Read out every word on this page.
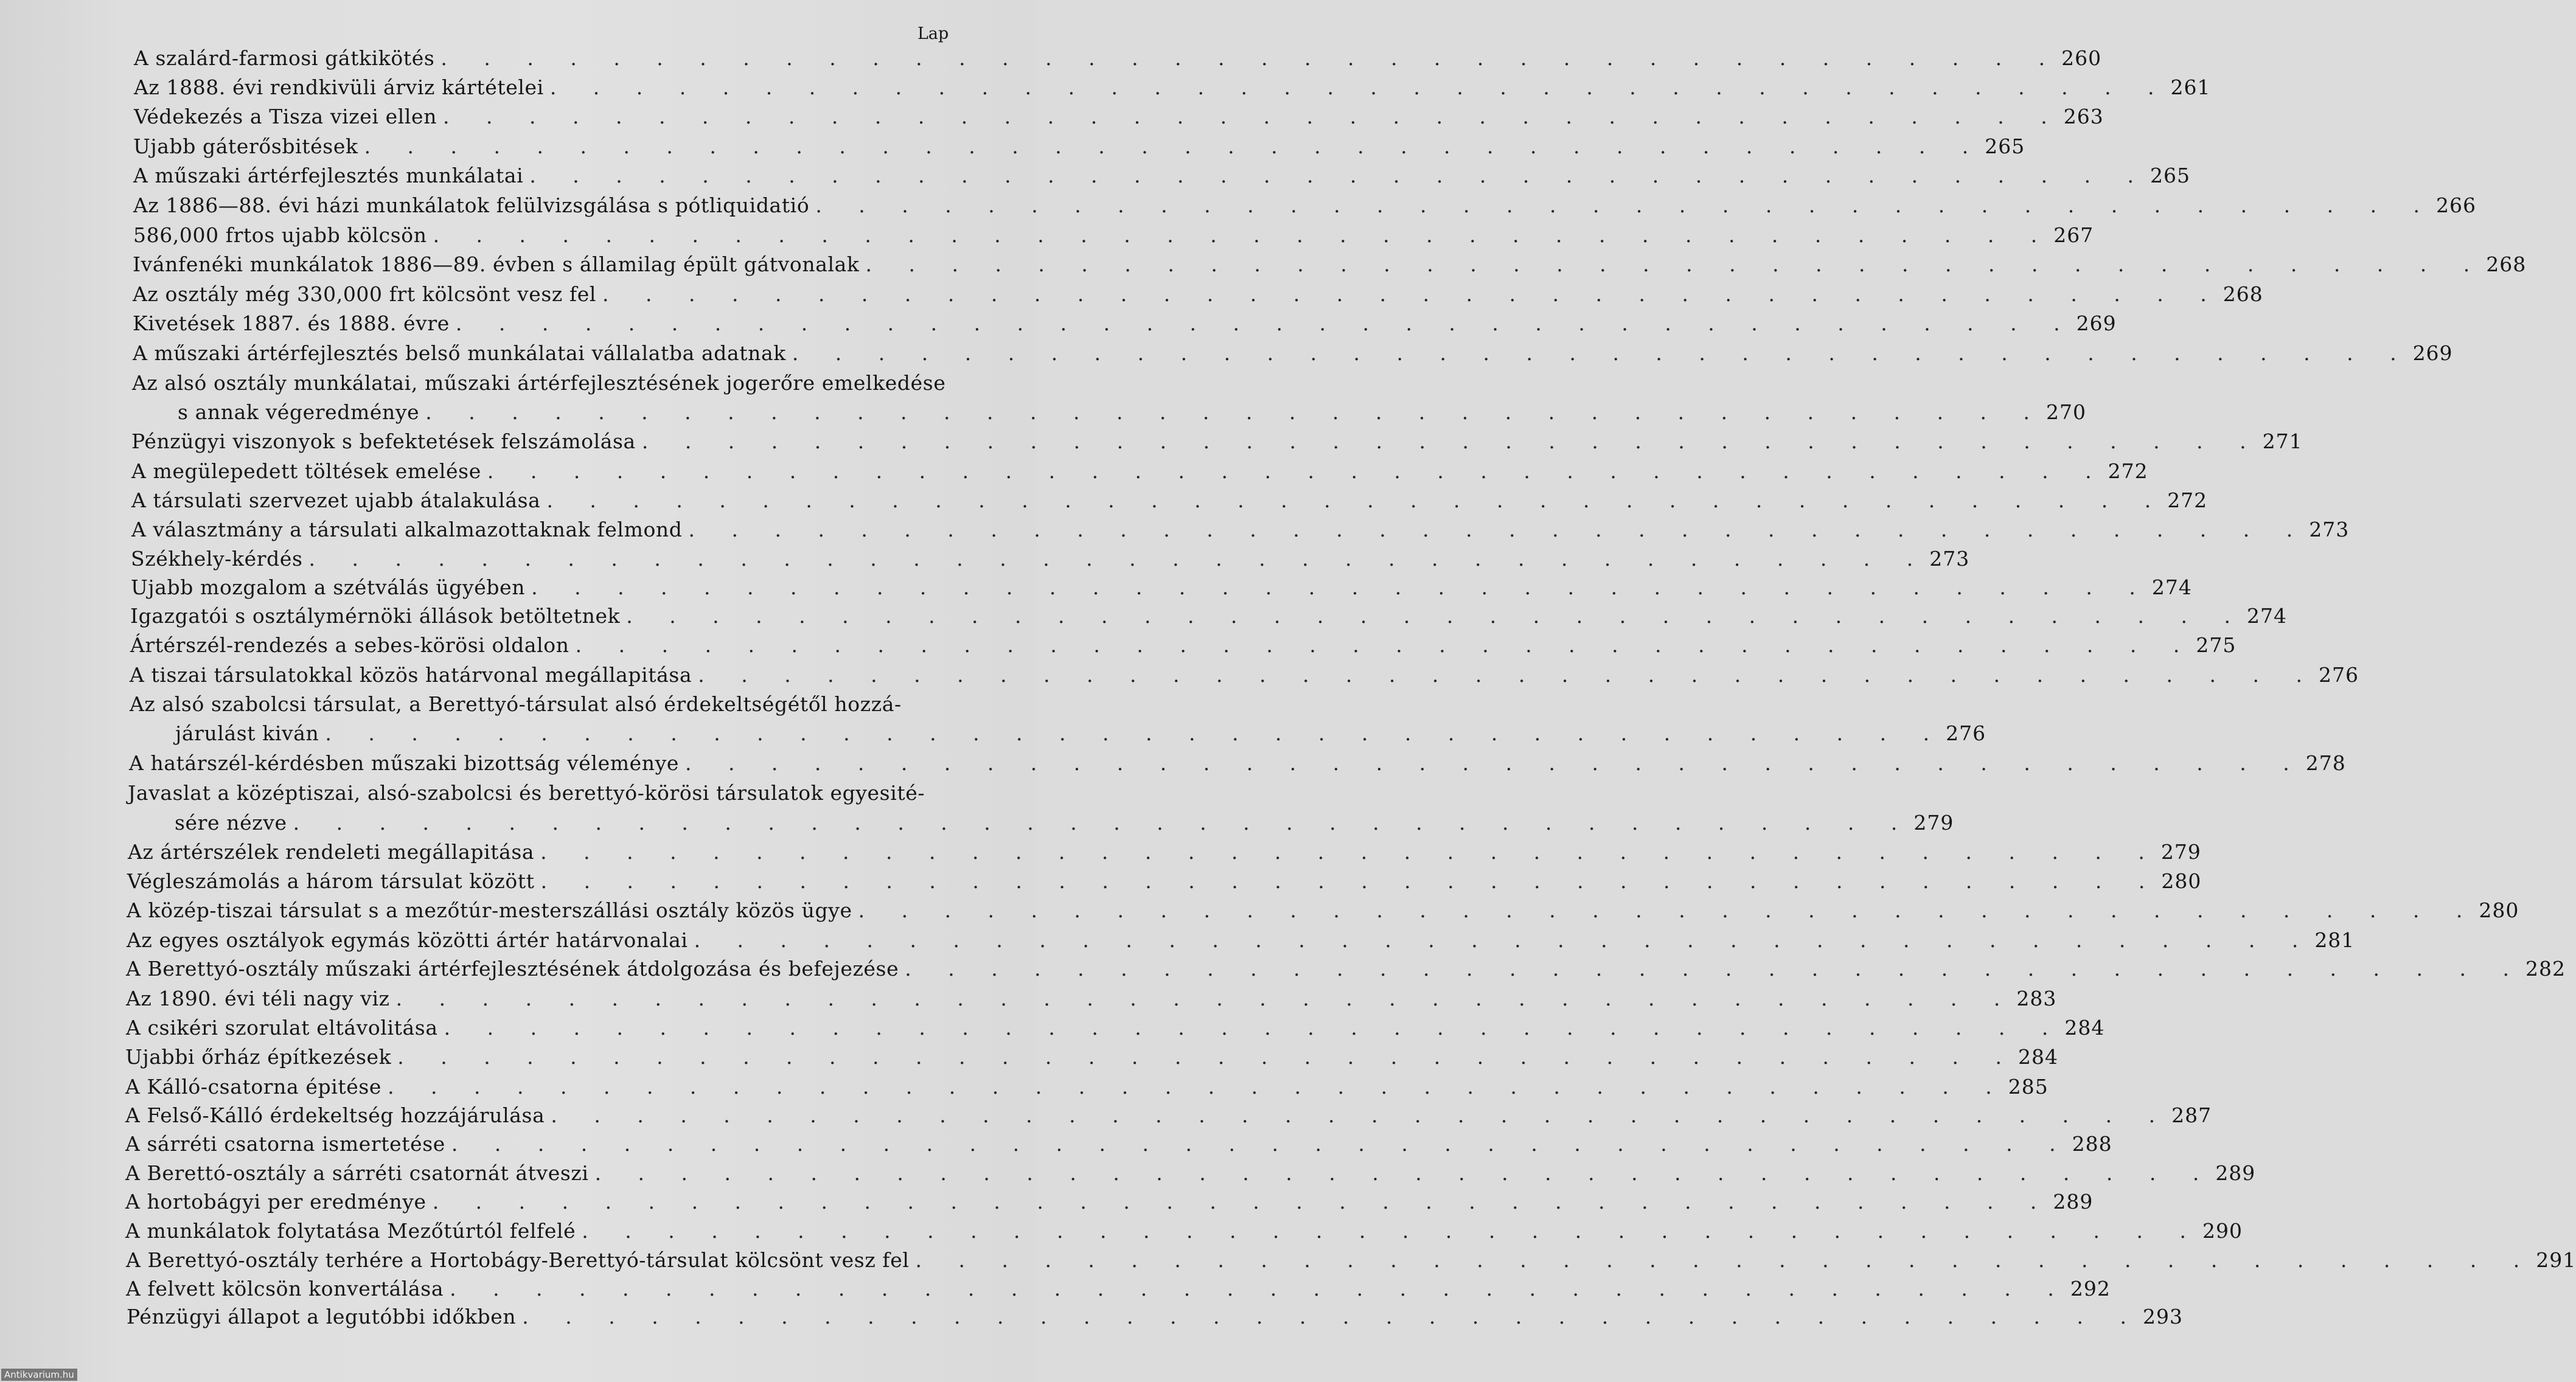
Lap
A szalárd-farmosi gátkikötés . . . . . . . . . . . . . . . . . . . . . . . . . . . . . . . . . . . . . . 260
Az 1888. évi rendkivüli árviz kártételei . . . . . . . . . . . . . . . . . . . . . . . . . . . . . . . . . . . . . . 261
Védekezés a Tisza vizei ellen . . . . . . . . . . . . . . . . . . . . . . . . . . . . . . . . . . . . . . 263
Ujabb gáterősbitések . . . . . . . . . . . . . . . . . . . . . . . . . . . . . . . . . . . . . . 265
A műszaki ártérfejlesztés munkálatai . . . . . . . . . . . . . . . . . . . . . . . . . . . . . . . . . . . . . . 265
Az 1886—88. évi házi munkálatok felülvizsgálása s pótliquidatió . . . . . . . . . . . . . . . . . . . . . . . . . . . . . . . . . . . . . . 266
586,000 frtos ujabb kölcsön . . . . . . . . . . . . . . . . . . . . . . . . . . . . . . . . . . . . . . 267
Ivánfenéki munkálatok 1886—89. évben s államilag épült gátvonalak . . . . . . . . . . . . . . . . . . . . . . . . . . . . . . . . . . . . . . 268
Az osztály még 330,000 frt kölcsönt vesz fel . . . . . . . . . . . . . . . . . . . . . . . . . . . . . . . . . . . . . . 268
Kivetések 1887. és 1888. évre . . . . . . . . . . . . . . . . . . . . . . . . . . . . . . . . . . . . . . 269
A műszaki ártérfejlesztés belső munkálatai vállalatba adatnak . . . . . . . . . . . . . . . . . . . . . . . . . . . . . . . . . . . . . . 269
Az alsó osztály munkálatai, műszaki ártérfejlesztésének jogerőre emelkedése
s annak végeredménye . . . . . . . . . . . . . . . . . . . . . . . . . . . . . . . . . . . . . . 270
Pénzügyi viszonyok s befektetések felszámolása . . . . . . . . . . . . . . . . . . . . . . . . . . . . . . . . . . . . . . 271
A megülepedett töltések emelése . . . . . . . . . . . . . . . . . . . . . . . . . . . . . . . . . . . . . . 272
A társulati szervezet ujabb átalakulása . . . . . . . . . . . . . . . . . . . . . . . . . . . . . . . . . . . . . . 272
A választmány a társulati alkalmazottaknak felmond . . . . . . . . . . . . . . . . . . . . . . . . . . . . . . . . . . . . . . 273
Székhely-kérdés . . . . . . . . . . . . . . . . . . . . . . . . . . . . . . . . . . . . . . 273
Ujabb mozgalom a szétválás ügyében . . . . . . . . . . . . . . . . . . . . . . . . . . . . . . . . . . . . . . 274
Igazgatói s osztálymérnöki állások betöltetnek . . . . . . . . . . . . . . . . . . . . . . . . . . . . . . . . . . . . . . 274
Ártérszél-rendezés a sebes-körösi oldalon . . . . . . . . . . . . . . . . . . . . . . . . . . . . . . . . . . . . . . 275
A tiszai társulatokkal közös határvonal megállapitása . . . . . . . . . . . . . . . . . . . . . . . . . . . . . . . . . . . . . . 276
Az alsó szabolcsi társulat, a Berettyó-társulat alsó érdekeltségétől hozzá-
járulást kiván . . . . . . . . . . . . . . . . . . . . . . . . . . . . . . . . . . . . . . 276
A határszél-kérdésben műszaki bizottság véleménye . . . . . . . . . . . . . . . . . . . . . . . . . . . . . . . . . . . . . . 278
Javaslat a középtiszai, alsó-szabolcsi és berettyó-körösi társulatok egyesité-
sére nézve . . . . . . . . . . . . . . . . . . . . . . . . . . . . . . . . . . . . . . 279
Az ártérszélek rendeleti megállapitása . . . . . . . . . . . . . . . . . . . . . . . . . . . . . . . . . . . . . . 279
Végleszámolás a három társulat között . . . . . . . . . . . . . . . . . . . . . . . . . . . . . . . . . . . . . . 280
A közép-tiszai társulat s a mezőtúr-mesterszállási osztály közös ügye . . . . . . . . . . . . . . . . . . . . . . . . . . . . . . . . . . . . . . 280
Az egyes osztályok egymás közötti ártér határvonalai . . . . . . . . . . . . . . . . . . . . . . . . . . . . . . . . . . . . . . 281
A Berettyó-osztály műszaki ártérfejlesztésének átdolgozása és befejezése . . . . . . . . . . . . . . . . . . . . . . . . . . . . . . . . . . . . . . 282
Az 1890. évi téli nagy viz . . . . . . . . . . . . . . . . . . . . . . . . . . . . . . . . . . . . . . 283
A csikéri szorulat eltávolitása . . . . . . . . . . . . . . . . . . . . . . . . . . . . . . . . . . . . . . 284
Ujabbi őrház építkezések . . . . . . . . . . . . . . . . . . . . . . . . . . . . . . . . . . . . . . 284
A Kálló-csatorna épitése . . . . . . . . . . . . . . . . . . . . . . . . . . . . . . . . . . . . . . 285
A Felső-Kálló érdekeltség hozzájárulása . . . . . . . . . . . . . . . . . . . . . . . . . . . . . . . . . . . . . . 287
A sárréti csatorna ismertetése . . . . . . . . . . . . . . . . . . . . . . . . . . . . . . . . . . . . . . 288
A Berettó-osztály a sárréti csatornát átveszi . . . . . . . . . . . . . . . . . . . . . . . . . . . . . . . . . . . . . . 289
A hortobágyi per eredménye . . . . . . . . . . . . . . . . . . . . . . . . . . . . . . . . . . . . . . 289
A munkálatok folytatása Mezőtúrtól felfelé . . . . . . . . . . . . . . . . . . . . . . . . . . . . . . . . . . . . . . 290
A Berettyó-osztály terhére a Hortobágy-Berettyó-társulat kölcsönt vesz fel . . . . . . . . . . . . . . . . . . . . . . . . . . . . . . . . . . . . . . 291
A felvett kölcsön konvertálása . . . . . . . . . . . . . . . . . . . . . . . . . . . . . . . . . . . . . . 292
Pénzügyi állapot a legutóbbi időkben . . . . . . . . . . . . . . . . . . . . . . . . . . . . . . . . . . . . . . 293
Antikvarium.hu
